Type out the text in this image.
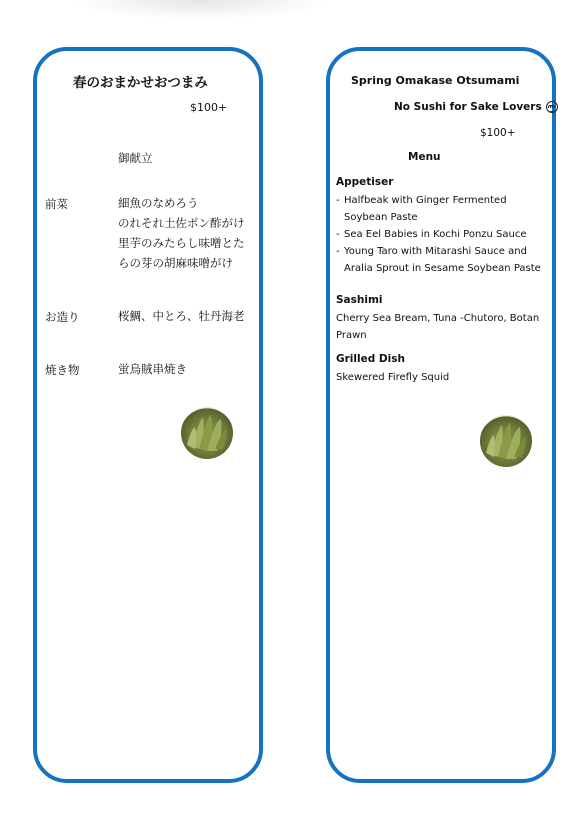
春のおまかせおつまみ
$100+
御献立
前菜	細魚のなめろう
のれそれ土佐ポン酢がけ
里芋のみたらし味噌とた
らの芽の胡麻味噌がけ
お造り	桜鯛、中とろ、牡丹海老
焼き物	蛍烏賊串焼き
Spring Omakase Otsumami
No Sushi for Sake Lovers
$100+
Menu
Appetiser
- Halfbeak with Ginger Fermented
Soybean Paste
- Sea Eel Babies in Kochi Ponzu Sauce
- Young Taro with Mitarashi Sauce and
Aralia Sprout in Sesame Soybean Paste
Sashimi
Cherry Sea Bream, Tuna -Chutoro, Botan Prawn
Grilled Dish
Skewered Firefly Squid
